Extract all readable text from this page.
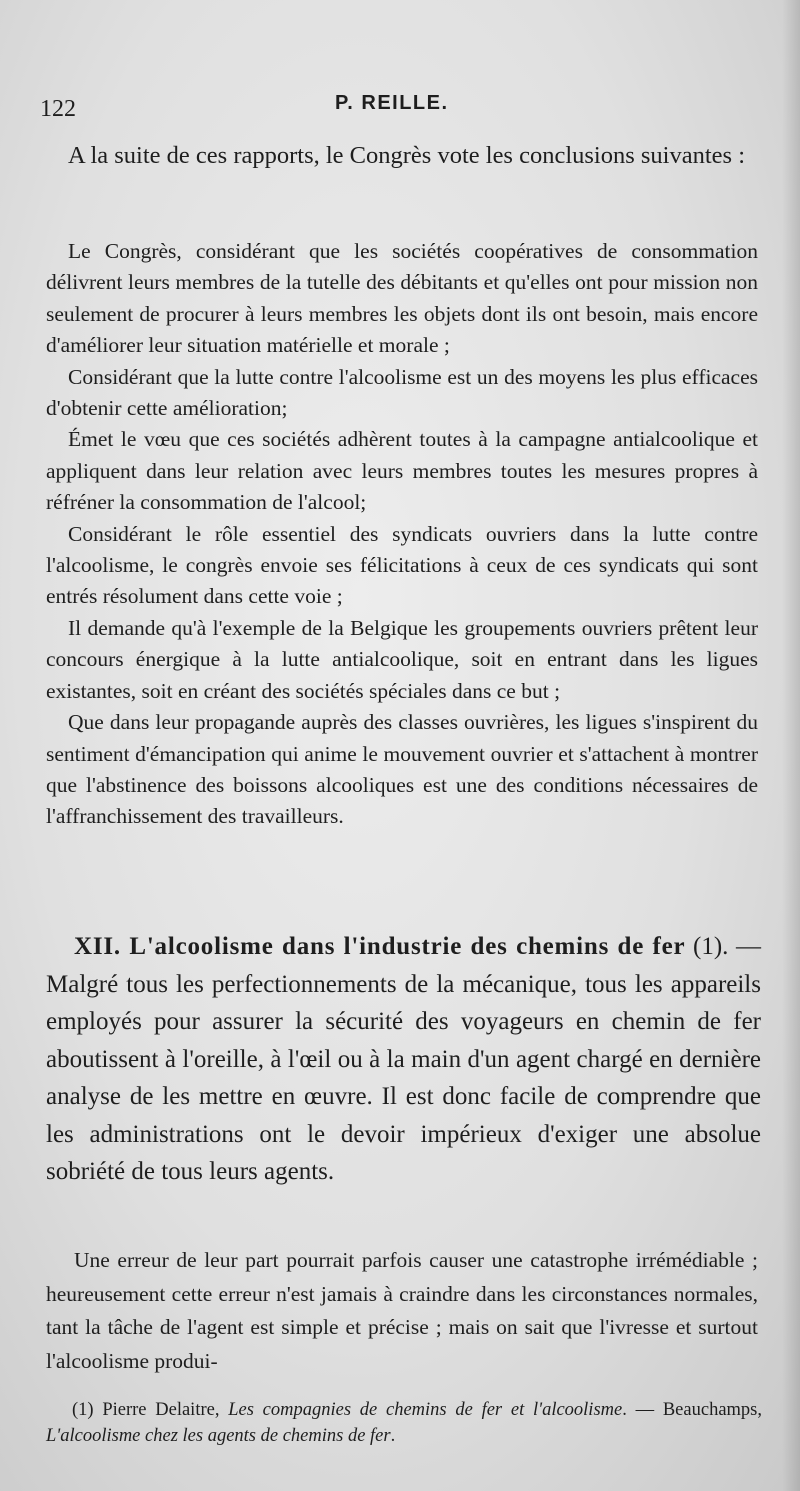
122	P. REILLE.
A la suite de ces rapports, le Congrès vote les conclusions suivantes :

Le Congrès, considérant que les sociétés coopératives de consommation délivrent leurs membres de la tutelle des débitants et qu'elles ont pour mission non seulement de procurer à leurs membres les objets dont ils ont besoin, mais encore d'améliorer leur situation matérielle et morale ;

Considérant que la lutte contre l'alcoolisme est un des moyens les plus efficaces d'obtenir cette amélioration;

Émet le vœu que ces sociétés adhèrent toutes à la campagne antialcoolique et appliquent dans leur relation avec leurs membres toutes les mesures propres à réfréner la consommation de l'alcool;

Considérant le rôle essentiel des syndicats ouvriers dans la lutte contre l'alcoolisme, le congrès envoie ses félicitations à ceux de ces syndicats qui sont entrés résolument dans cette voie ;

Il demande qu'à l'exemple de la Belgique les groupements ouvriers prêtent leur concours énergique à la lutte antialcoolique, soit en entrant dans les ligues existantes, soit en créant des sociétés spéciales dans ce but ;

Que dans leur propagande auprès des classes ouvrières, les ligues s'inspirent du sentiment d'émancipation qui anime le mouvement ouvrier et s'attachent à montrer que l'abstinence des boissons alcooliques est une des conditions nécessaires de l'affranchissement des travailleurs.

XII. L'alcoolisme dans l'industrie des chemins de fer (1). — Malgré tous les perfectionnements de la mécanique, tous les appareils employés pour assurer la sécurité des voyageurs en chemin de fer aboutissent à l'oreille, à l'œil ou à la main d'un agent chargé en dernière analyse de les mettre en œuvre. Il est donc facile de comprendre que les administrations ont le devoir impérieux d'exiger une absolue sobriété de tous leurs agents.
Une erreur de leur part pourrait parfois causer une catastrophe irrémédiable ; heureusement cette erreur n'est jamais à craindre dans les circonstances normales, tant la tâche de l'agent est simple et précise ; mais on sait que l'ivresse et surtout l'alcoolisme produi-
(1) Pierre Delaitre, Les compagnies de chemins de fer et l'alcoolisme. — Beauchamps, L'alcoolisme chez les agents de chemins de fer.
